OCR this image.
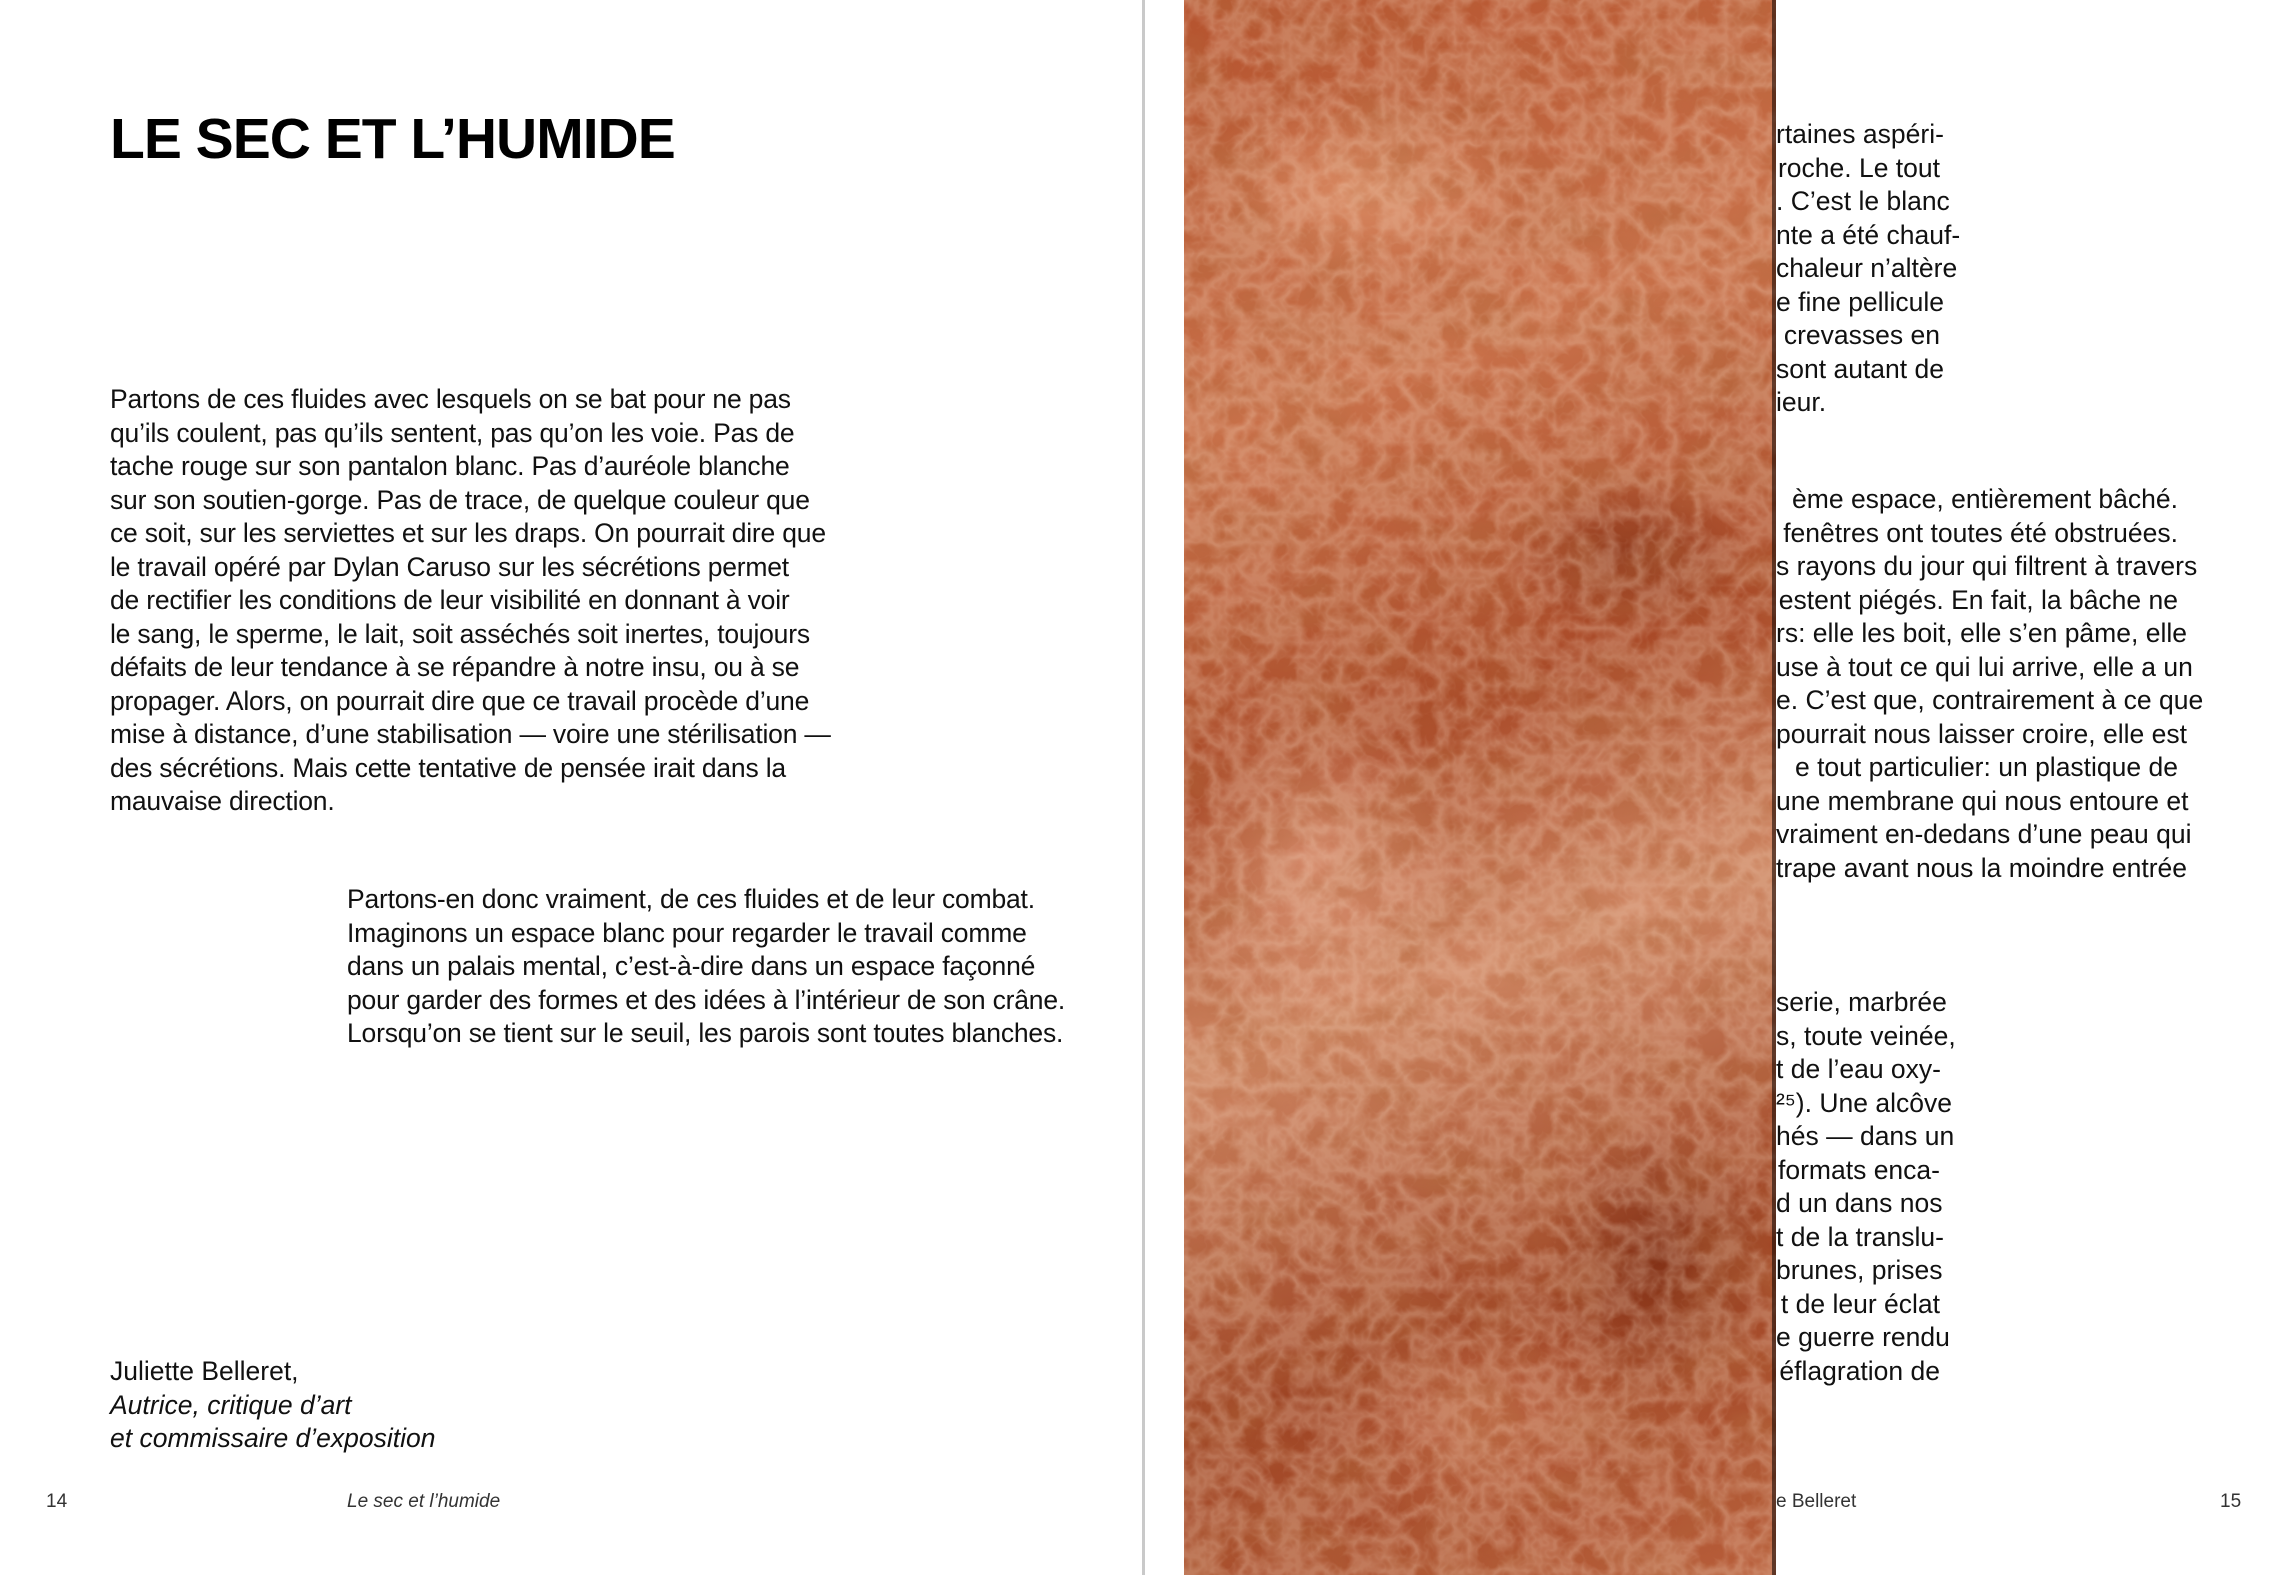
LE SEC ET L’HUMIDE
Partons de ces fluides avec lesquels on se bat pour ne pas
qu’ils coulent, pas qu’ils sentent, pas qu’on les voie. Pas de
tache rouge sur son pantalon blanc. Pas d’auréole blanche
sur son soutien-gorge. Pas de trace, de quelque couleur que
ce soit, sur les serviettes et sur les draps. On pourrait dire que
le travail opéré par Dylan Caruso sur les sécrétions permet
de rectifier les conditions de leur visibilité en donnant à voir
le sang, le sperme, le lait, soit asséchés soit inertes, toujours
défaits de leur tendance à se répandre à notre insu, ou à se
propager. Alors, on pourrait dire que ce travail procède d’une
mise à distance, d’une stabilisation — voire une stérilisation —
des sécrétions. Mais cette tentative de pensée irait dans la
mauvaise direction.
Partons-en donc vraiment, de ces fluides et de leur combat.
Imaginons un espace blanc pour regarder le travail comme
dans un palais mental, c’est-à-dire dans un espace façonné
pour garder des formes et des idées à l’intérieur de son crâne.
Lorsqu’on se tient sur le seuil, les parois sont toutes blanches.
Juliette Belleret,
Autrice, critique d’art
et commissaire d’exposition
14	Le sec et l’humide
rtaines aspéri-
roche. Le tout
. C’est le blanc
nte a été chauf-
chaleur n’altère
e fine pellicule
crevasses en
sont autant de
ieur.
ème espace, entièrement bâché.
fenêtres ont toutes été obstruées.
s rayons du jour qui filtrent à travers
estent piégés. En fait, la bâche ne
rs: elle les boit, elle s’en pâme, elle
use à tout ce qui lui arrive, elle a un
e. C’est que, contrairement à ce que
pourrait nous laisser croire, elle est
e tout particulier: un plastique de
une membrane qui nous entoure et
vraiment en-dedans d’une peau qui
trape avant nous la moindre entrée
serie, marbrée
s, toute veinée,
t de l’eau oxy-
²⁵). Une alcôve
hés — dans un
formats enca-
d un dans nos
t de la translu-
brunes, prises
t de leur éclat
e guerre rendu
éflagration de
e Belleret	15
